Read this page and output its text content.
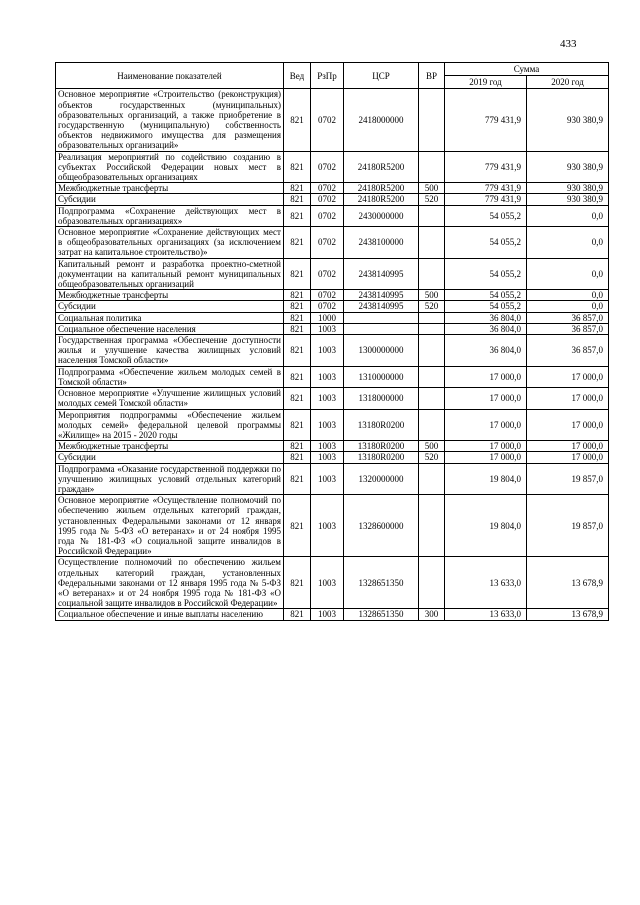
433
Наименование показателей	Вед	РзПр	ЦСР	ВР	Сумма	
					2019 год	2020 год
Основное мероприятие «Строительство (реконструкция) объектов государственных (муниципальных) образовательных организаций, а также приобретение в государственную (муниципальную) собственность объектов недвижимого имущества для размещения образовательных организаций»	821	0702	2418000000		779 431,9	930 380,9
Реализация мероприятий по содействию созданию в субъектах Российской Федерации новых мест в общеобразовательных организациях	821	0702	24180R5200		779 431,9	930 380,9
Межбюджетные трансферты	821	0702	24180R5200	500	779 431,9	930 380,9
Субсидии	821	0702	24180R5200	520	779 431,9	930 380,9
Подпрограмма «Сохранение действующих мест в образовательных организациях»	821	0702	2430000000		54 055,2	0,0
Основное мероприятие «Сохранение действующих мест в общеобразовательных организациях (за исключением затрат на капитальное строительство)»	821	0702	2438100000		54 055,2	0,0
Капитальный ремонт и разработка проектно-сметной документации на капитальный ремонт муниципальных общеобразовательных организаций	821	0702	2438140995		54 055,2	0,0
Межбюджетные трансферты	821	0702	2438140995	500	54 055,2	0,0
Субсидии	821	0702	2438140995	520	54 055,2	0,0
Социальная политика	821	1000			36 804,0	36 857,0
Социальное обеспечение населения	821	1003			36 804,0	36 857,0
Государственная программа «Обеспечение доступности жилья и улучшение качества жилищных условий населения Томской области»	821	1003	1300000000		36 804,0	36 857,0
Подпрограмма «Обеспечение жильем молодых семей в Томской области»	821	1003	1310000000		17 000,0	17 000,0
Основное мероприятие «Улучшение жилищных условий молодых семей Томской области»	821	1003	1318000000		17 000,0	17 000,0
Мероприятия подпрограммы «Обеспечение жильем молодых семей» федеральной целевой программы «Жилище» на 2015 - 2020 годы	821	1003	13180R0200		17 000,0	17 000,0
Межбюджетные трансферты	821	1003	13180R0200	500	17 000,0	17 000,0
Субсидии	821	1003	13180R0200	520	17 000,0	17 000,0
Подпрограмма «Оказание государственной поддержки по улучшению жилищных условий отдельных категорий граждан»	821	1003	1320000000		19 804,0	19 857,0
Основное мероприятие «Осуществление полномочий по обеспечению жильем отдельных категорий граждан, установленных Федеральными законами от 12 января 1995 года № 5-ФЗ «О ветеранах» и от 24 ноября 1995 года № 181-ФЗ «О социальной защите инвалидов в Российской Федерации»	821	1003	1328600000		19 804,0	19 857,0
Осуществление полномочий по обеспечению жильем отдельных категорий граждан, установленных Федеральными законами от 12 января 1995 года № 5-ФЗ «О ветеранах» и от 24 ноября 1995 года № 181-ФЗ «О социальной защите инвалидов в Российской Федерации»	821	1003	1328651350		13 633,0	13 678,9
Социальное обеспечение и иные выплаты населению	821	1003	1328651350	300	13 633,0	13 678,9
